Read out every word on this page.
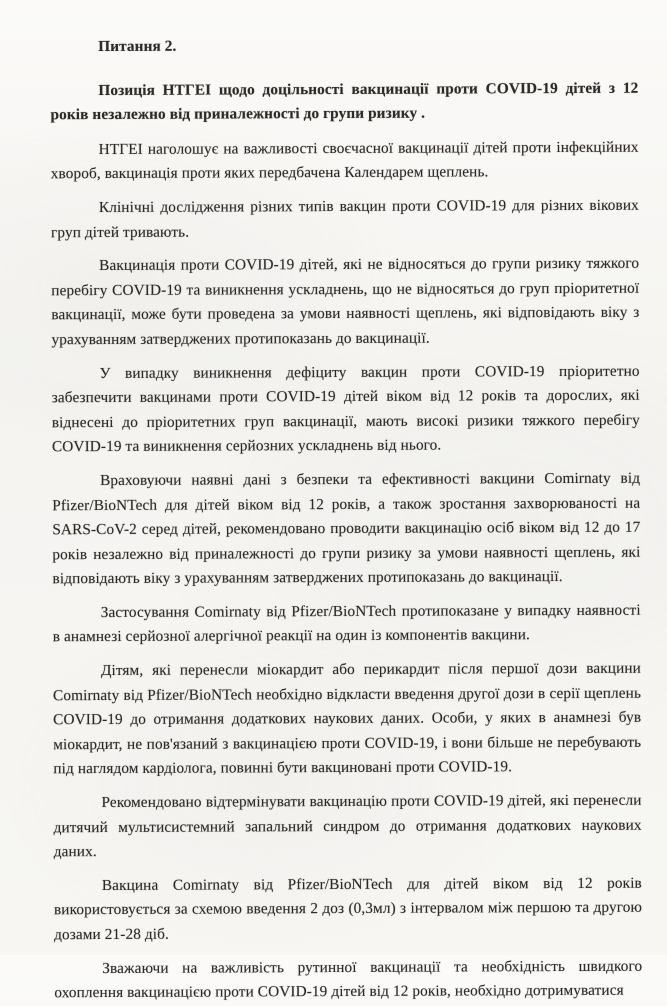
Питання 2.

Позиція НТГЕІ щодо доцільності вакцинації проти COVID-19 дітей з 12 років незалежно від приналежності до групи ризику .

НТГЕІ наголошує на важливості своєчасної вакцинації дітей проти інфекційних хвороб, вакцинація проти яких передбачена Календарем щеплень.

Клінічні дослідження різних типів вакцин проти COVID-19 для різних вікових груп дітей тривають.

Вакцинація проти COVID-19 дітей, які не відносяться до групи ризику тяжкого перебігу COVID-19 та виникнення ускладнень, що не відносяться до груп пріоритетної вакцинації, може бути проведена за умови наявності щеплень, які відповідають віку з урахуванням затверджених протипоказань до вакцинації.

У випадку виникнення дефіциту вакцин проти COVID-19 пріоритетно забезпечити вакцинами проти COVID-19 дітей віком від 12 років та дорослих, які віднесені до пріоритетних груп вакцинації, мають високі ризики тяжкого перебігу COVID-19 та виникнення серйозних ускладнень від нього.

Враховуючи наявні дані з безпеки та ефективності вакцини Comirnaty від Pfizer/BioNTech для дітей віком від 12 років, а також зростання захворюваності на SARS-CoV-2 серед дітей, рекомендовано проводити вакцинацію осіб віком від 12 до 17 років незалежно від приналежності до групи ризику за умови наявності щеплень, які відповідають віку з урахуванням затверджених протипоказань до вакцинації.

Застосування Comirnaty від Pfizer/BioNTech протипоказане у випадку наявності в анамнезі серйозної алергічної реакції на один із компонентів вакцини.

Дітям, які перенесли міокардит або перикардит після першої дози вакцини Comirnaty від Pfizer/BioNTech необхідно відкласти введення другої дози в серії щеплень COVID-19 до отримання додаткових наукових даних. Особи, у яких в анамнезі був міокардит, не пов'язаний з вакцинацією проти COVID-19, і вони більше не перебувають під наглядом кардіолога, повинні бути вакциновані проти COVID-19.

Рекомендовано відтермінувати вакцинацію проти COVID-19 дітей, які перенесли дитячий мультисистемний запальний синдром до отримання додаткових наукових даних.

Вакцина Comirnaty від Pfizer/BioNTech для дітей віком від 12 років використовується за схемою введення 2 доз (0,3мл) з інтервалом між першою та другою дозами 21-28 діб.

Зважаючи на важливість рутинної вакцинації та необхідність швидкого охоплення вакцинацією проти COVID-19 дітей від 12 років, необхідно дотримуватися
